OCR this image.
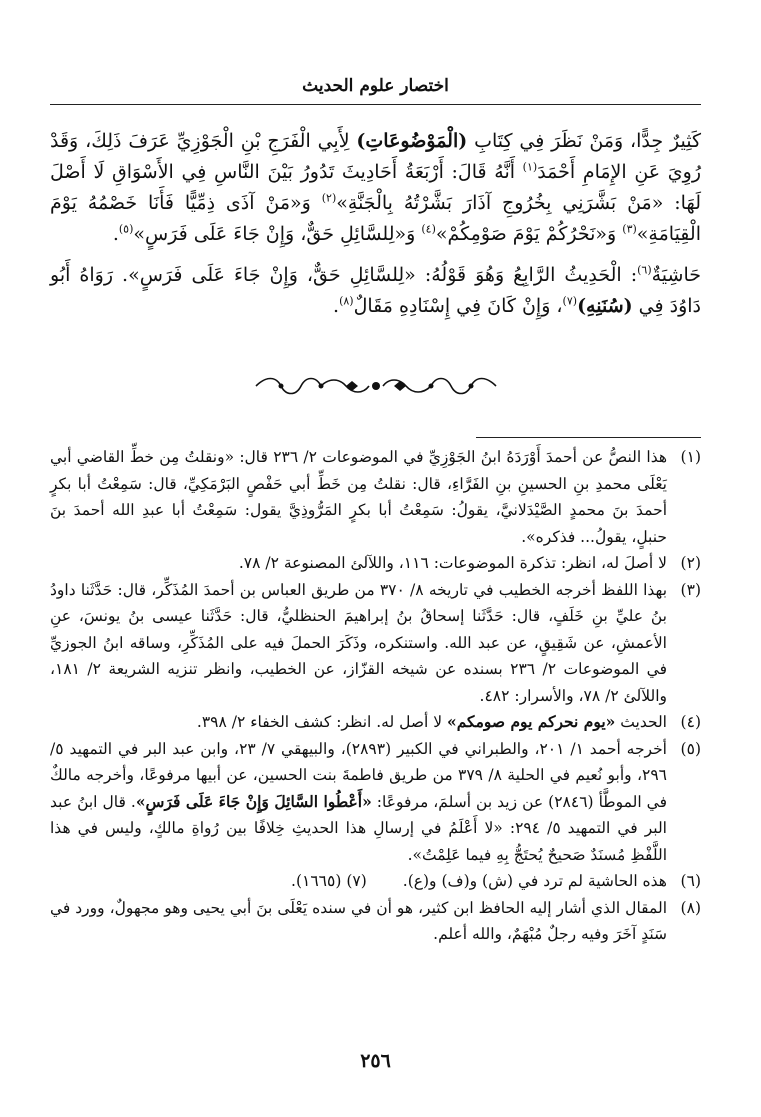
اختصار علوم الحديث

كَثِيرٌ جِدًّا، وَمَنْ نَظَرَ فِي كِتَابِ (الْمَوْضُوعَاتِ) لِأَبِي الْفَرَجِ بْنِ الْجَوْزِيِّ عَرَفَ ذَلِكَ، وَقَدْ رُوِيَ عَنِ الإِمَامِ أَحْمَدَ$^{(١)}$ أَنَّهُ قَالَ: أَرْبَعَةُ أَحَادِيثَ تَدُورُ بَيْنَ النَّاسِ فِي الأَسْوَاقِ لَا أَصْلَ لَهَا: «مَنْ بَشَّرَنِي بِخُرُوجِ آذَارَ بَشَّرْتُهُ بِالْجَنَّةِ»$^{(٢)}$ وَ«مَنْ آذَى ذِمِّيًّا فَأَنَا خَصْمُهُ يَوْمَ الْقِيَامَةِ»$^{(٣)}$ وَ«نَحْرُكُمْ يَوْمَ صَوْمِكُمْ»$^{(٤)}$ وَ«لِلسَّائِلِ حَقٌّ، وَإِنْ جَاءَ عَلَى فَرَسٍ»$^{(٥)}$.

حَاشِيَةٌ$^{(٦)}$: الْحَدِيثُ الرَّابِعُ وَهُوَ قَوْلُهُ: «لِلسَّائِلِ حَقٌّ، وَإِنْ جَاءَ عَلَى فَرَسٍ». رَوَاهُ أَبُو دَاوُدَ فِي (سُنَنِهِ)$^{(٧)}$، وَإِنْ كَانَ فِي إِسْنَادِهِ مَقَالٌ$^{(٨)}$.

(١)
هذا النصُّ عن أحمدَ أَوْرَدَهُ ابنُ الجَوْزِيِّ في الموضوعات ٢/ ٢٣٦ قال: «ونقلتُ مِن خطِّ القاضي أبي يَعْلَى محمدِ بنِ الحسينِ بنِ الفَرَّاءِ، قال: نقلتُ مِن خَطِّ أبي حَفْصٍ البَرْمَكِيِّ، قال: سَمِعْتُ أبا بكرٍ أحمدَ بنَ محمدٍ الصَّيْدَلانيَّ، يقولُ: سَمِعْتُ أبا بكرٍ المَرُّوذِيَّ يقول: سَمِعْتُ أبا عبدِ الله أحمدَ بنَ حنبلٍ، يقولُ... فذكره».

(٢)
لا أصلَ له، انظر: تذكرة الموضوعات: ١١٦، واللآلئ المصنوعة ٢/ ٧٨.

(٣)
بهذا اللفظ أخرجه الخطيب في تاريخه ٨/ ٣٧٠ من طريق العباس بن أحمدَ المُذَكِّر، قال: حَدَّثَنا داودُ بنُ عليِّ بنِ خَلَفٍ، قال: حَدَّثَنا إسحاقُ بنُ إبراهيمَ الحنظليُّ، قال: حَدَّثَنا عيسى بنُ يونسَ، عنِ الأعمشِ، عن شَقِيقٍ، عن عبد الله. واستنكره، وذَكَرَ الحملَ فيه على المُذَكِّرِ، وساقه ابنُ الجوزيِّ في الموضوعات ٢/ ٢٣٦ بسنده عن شيخه القزّاز، عن الخطيب، وانظر تنزيه الشريعة ٢/ ١٨١، واللآلئ ٢/ ٧٨، والأسرار: ٤٨٢.

(٤)
الحديث «يوم نحركم يوم صومكم» لا أصل له. انظر: كشف الخفاء ٢/ ٣٩٨.

(٥)
أخرجه أحمد ١/ ٢٠١، والطبراني في الكبير (٢٨٩٣)، والبيهقي ٧/ ٢٣، وابن عبد البر في التمهيد ٥/ ٢٩٦، وأبو نُعيم في الحلية ٨/ ٣٧٩ من طريق فاطمةَ بنت الحسين، عن أبيها مرفوعًا، وأخرجه مالكٌ في الموطَّأ (٢٨٤٦) عن زيد بن أسلمَ، مرفوعًا: «أَعْطُوا السَّائِلَ وَإِنْ جَاءَ عَلَى فَرَسٍ». قال ابنُ عبد البر في التمهيد ٥/ ٢٩٤: «لا أَعْلَمُ في إرسالِ هذا الحديثِ خِلافًا بين رُواةِ مالكٍ، وليس في هذا اللَّفْظِ مُسنَدٌ صَحيحٌ يُحتَجُّ بِهِ فيما عَلِمْتُ».

(٦)
هذه الحاشية لم ترد في (ش) و(ف) و(ع).(٧) (١٦٦٥).

(٨)
المقال الذي أشار إليه الحافظ ابن كثير، هو أن في سنده يَعْلَى بنَ أبي يحيى وهو مجهولٌ، وورد في سَنَدٍ آخَرَ وفيه رجلٌ مُبْهَمٌ، والله أعلم.

٢٥٦
